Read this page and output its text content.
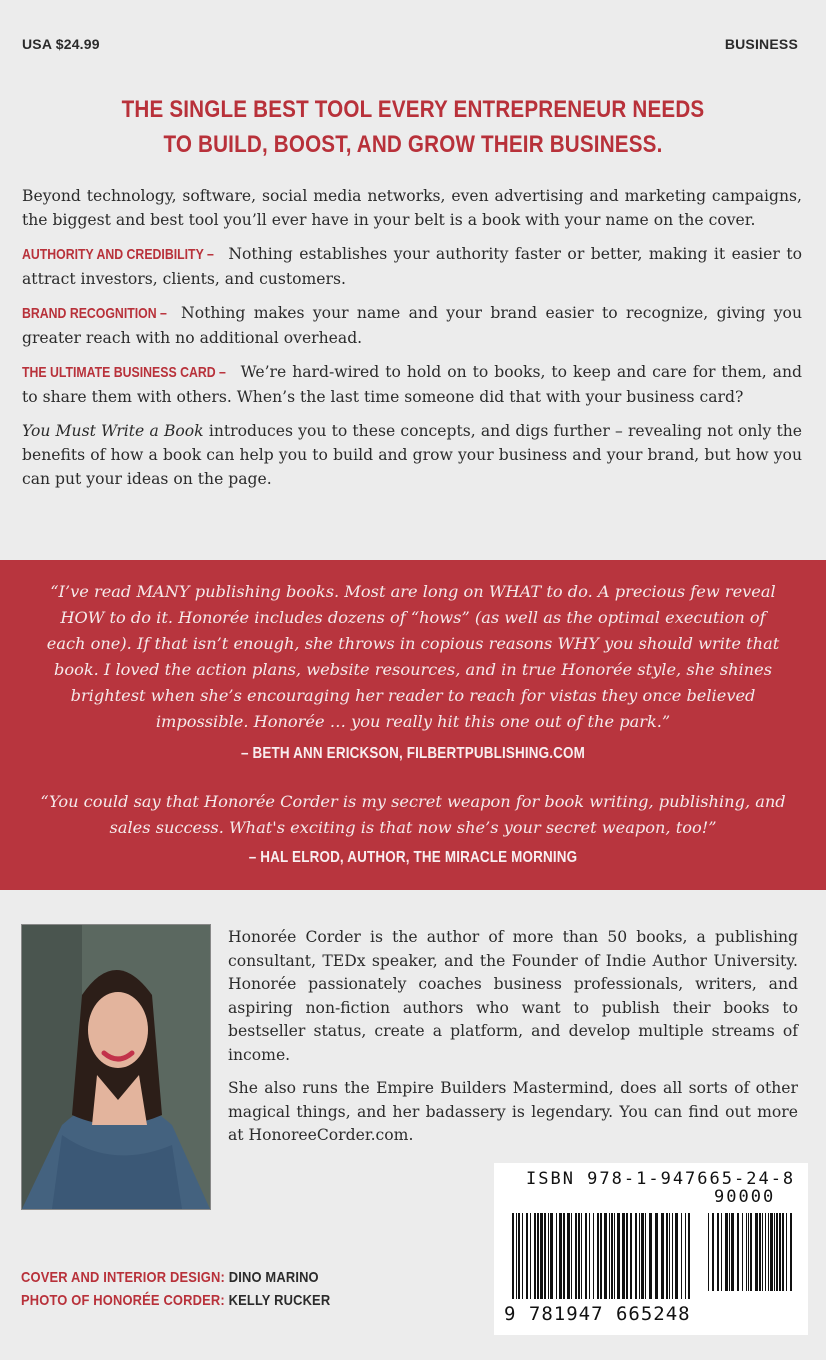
USA $24.99	BUSINESS
THE SINGLE BEST TOOL EVERY ENTREPRENEUR NEEDS
TO BUILD, BOOST, AND GROW THEIR BUSINESS.

Beyond technology, software, social media networks, even advertising and marketing campaigns, the biggest and best tool you’ll ever have in your belt is a book with your name on the cover.

AUTHORITY AND CREDIBILITY – Nothing establishes your authority faster or better, making it easier to attract investors, clients, and customers.

BRAND RECOGNITION – Nothing makes your name and your brand easier to recognize, giving you greater reach with no additional overhead.

THE ULTIMATE BUSINESS CARD – We’re hard-wired to hold on to books, to keep and care for them, and to share them with others. When’s the last time someone did that with your business card?

You Must Write a Book introduces you to these concepts, and digs further – revealing not only the benefits of how a book can help you to build and grow your business and your brand, but how you can put your ideas on the page.

“I’ve read MANY publishing books. Most are long on WHAT to do. A precious few reveal HOW to do it. Honorée includes dozens of “hows” (as well as the optimal execution of each one). If that isn’t enough, she throws in copious reasons WHY you should write that book. I loved the action plans, website resources, and in true Honorée style, she shines brightest when she’s encouraging her reader to reach for vistas they once believed impossible. Honorée … you really hit this one out of the park.”
– BETH ANN ERICKSON, FILBERTPUBLISHING.COM
“You could say that Honorée Corder is my secret weapon for book writing, publishing, and sales success. What's exciting is that now she’s your secret weapon, too!”
– HAL ELROD, AUTHOR, THE MIRACLE MORNING

Honorée Corder is the author of more than 50 books, a publishing consultant, TEDx speaker, and the Founder of Indie Author University. Honorée passionately coaches business professionals, writers, and aspiring non-fiction authors who want to publish their books to bestseller status, create a platform, and develop multiple streams of income.

She also runs the Empire Builders Mastermind, does all sorts of other magical things, and her badassery is legendary. You can find out more at HonoreeCorder.com.

COVER AND INTERIOR DESIGN: DINO MARINO
PHOTO OF HONORÉE CORDER: KELLY RUCKER
ISBN 978-1-947665-24-8
90000
9 781947 665248
